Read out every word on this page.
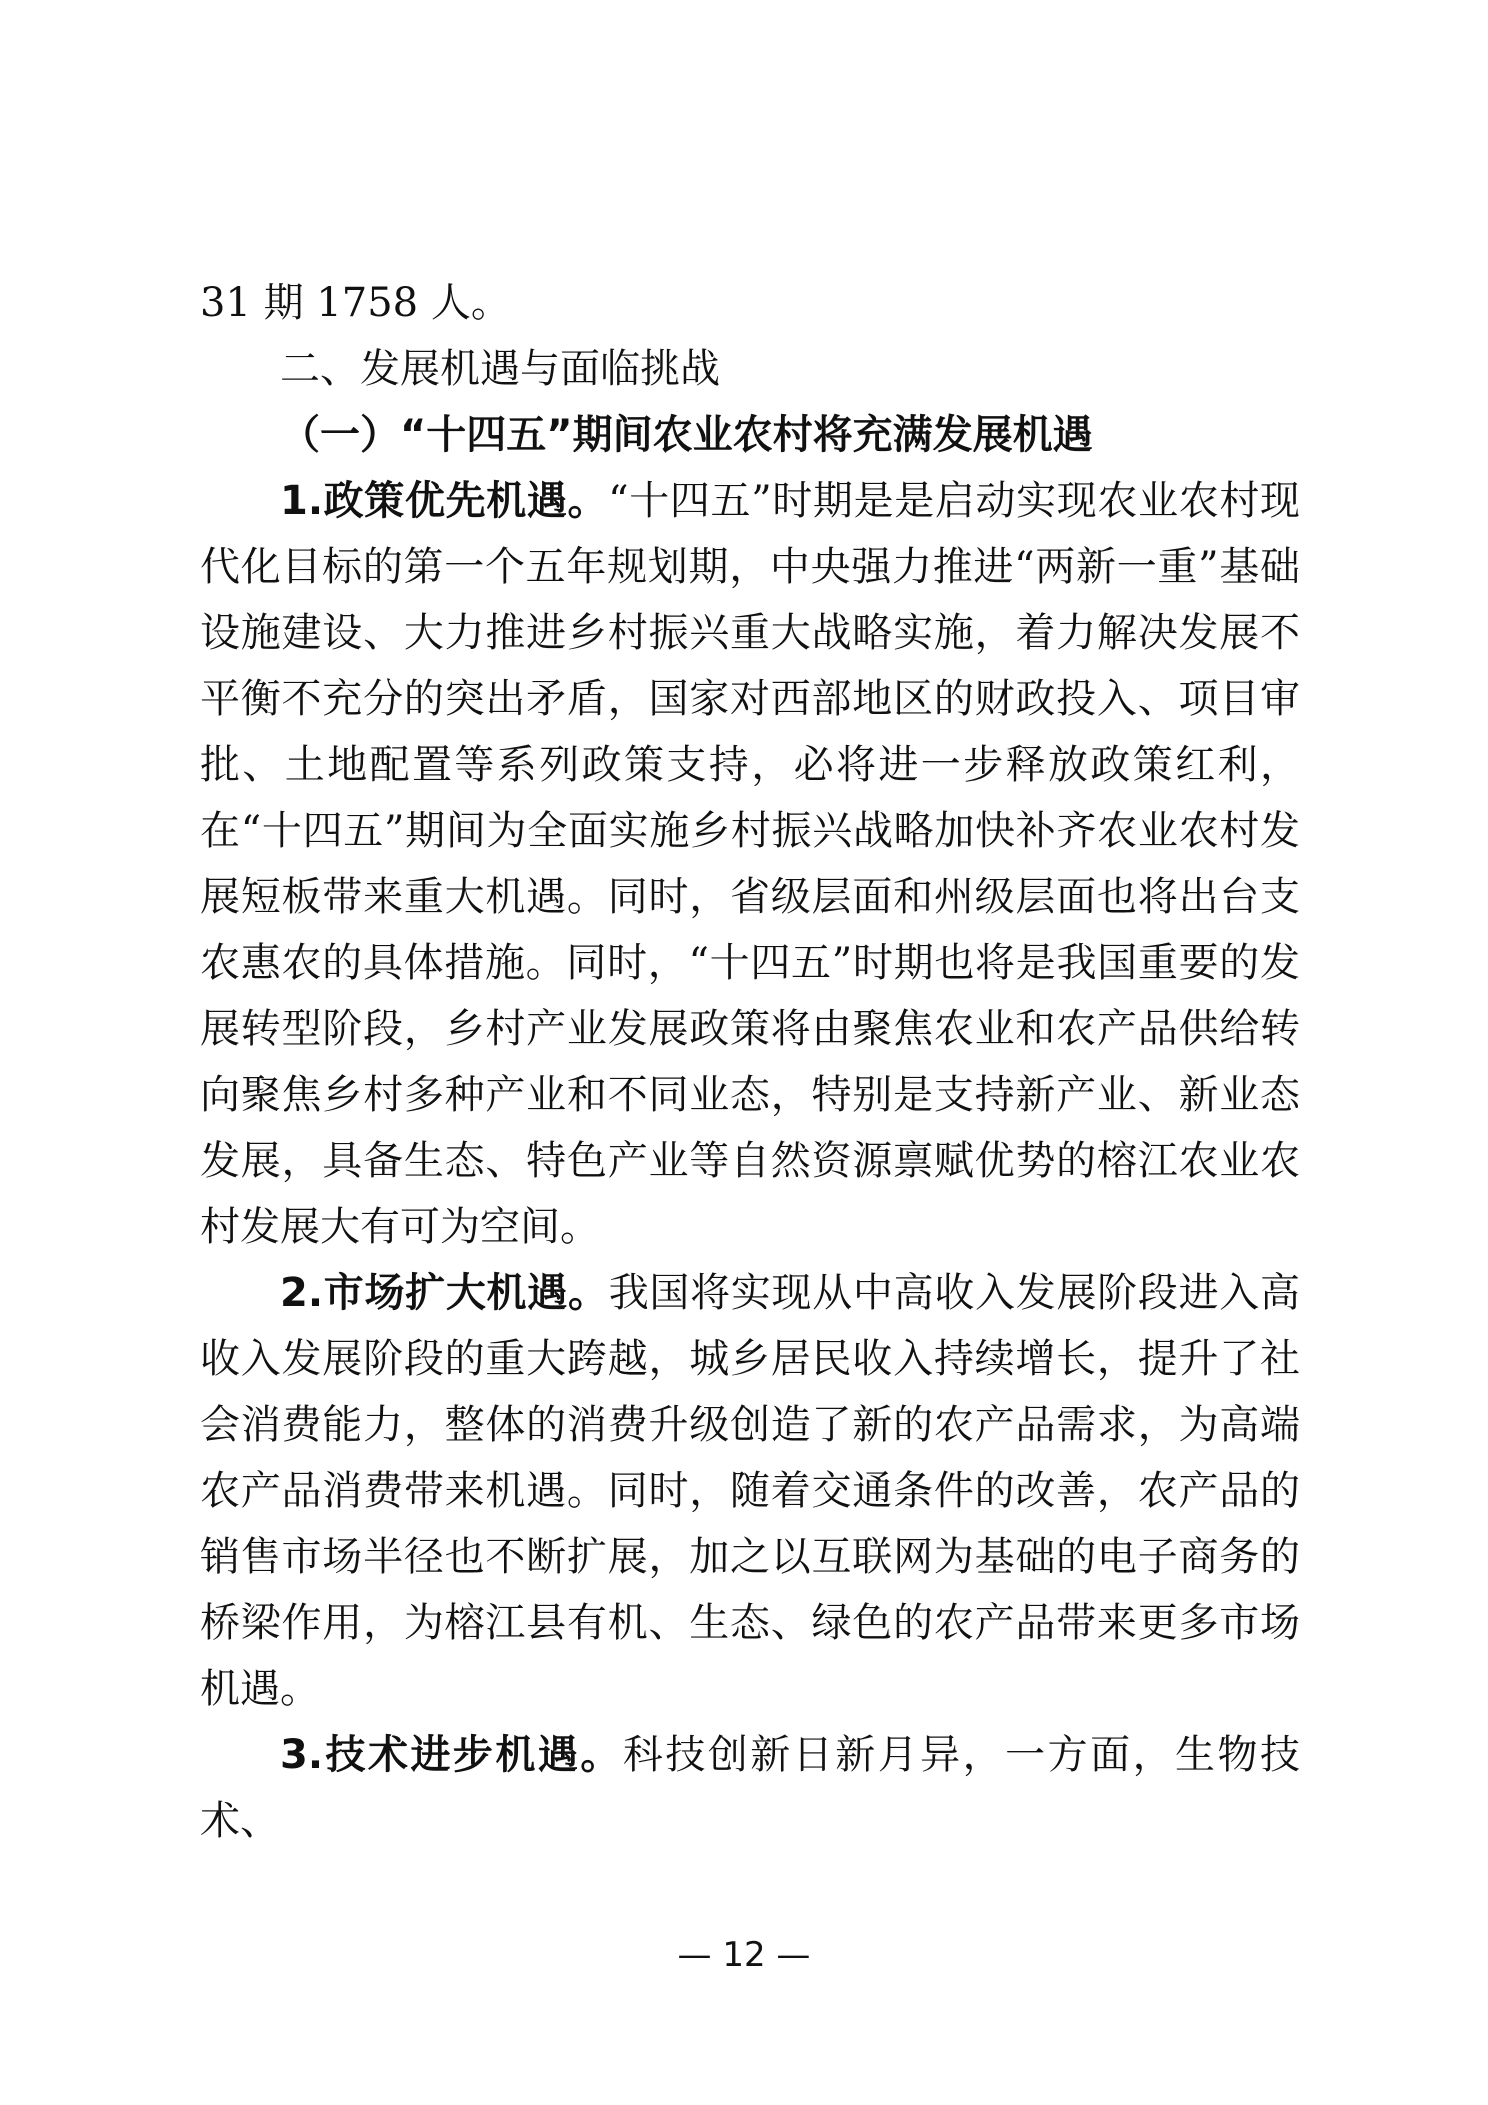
31 期 1758 人。

二、发展机遇与面临挑战

（一）“十四五”期间农业农村将充满发展机遇

1.政策优先机遇。“十四五”时期是是启动实现农业农村现代化目标的第一个五年规划期，中央强力推进“两新一重”基础设施建设、大力推进乡村振兴重大战略实施，着力解决发展不平衡不充分的突出矛盾，国家对西部地区的财政投入、项目审批、土地配置等系列政策支持，必将进一步释放政策红利，在“十四五”期间为全面实施乡村振兴战略加快补齐农业农村发展短板带来重大机遇。同时，省级层面和州级层面也将出台支农惠农的具体措施。同时，“十四五”时期也将是我国重要的发展转型阶段，乡村产业发展政策将由聚焦农业和农产品供给转向聚焦乡村多种产业和不同业态，特别是支持新产业、新业态发展，具备生态、特色产业等自然资源禀赋优势的榕江农业农村发展大有可为空间。

2.市场扩大机遇。我国将实现从中高收入发展阶段进入高收入发展阶段的重大跨越，城乡居民收入持续增长，提升了社会消费能力，整体的消费升级创造了新的农产品需求，为高端农产品消费带来机遇。同时，随着交通条件的改善，农产品的销售市场半径也不断扩展，加之以互联网为基础的电子商务的桥梁作用，为榕江县有机、生态、绿色的农产品带来更多市场机遇。

3.技术进步机遇。科技创新日新月异，一方面，生物技术、

— 12 —
